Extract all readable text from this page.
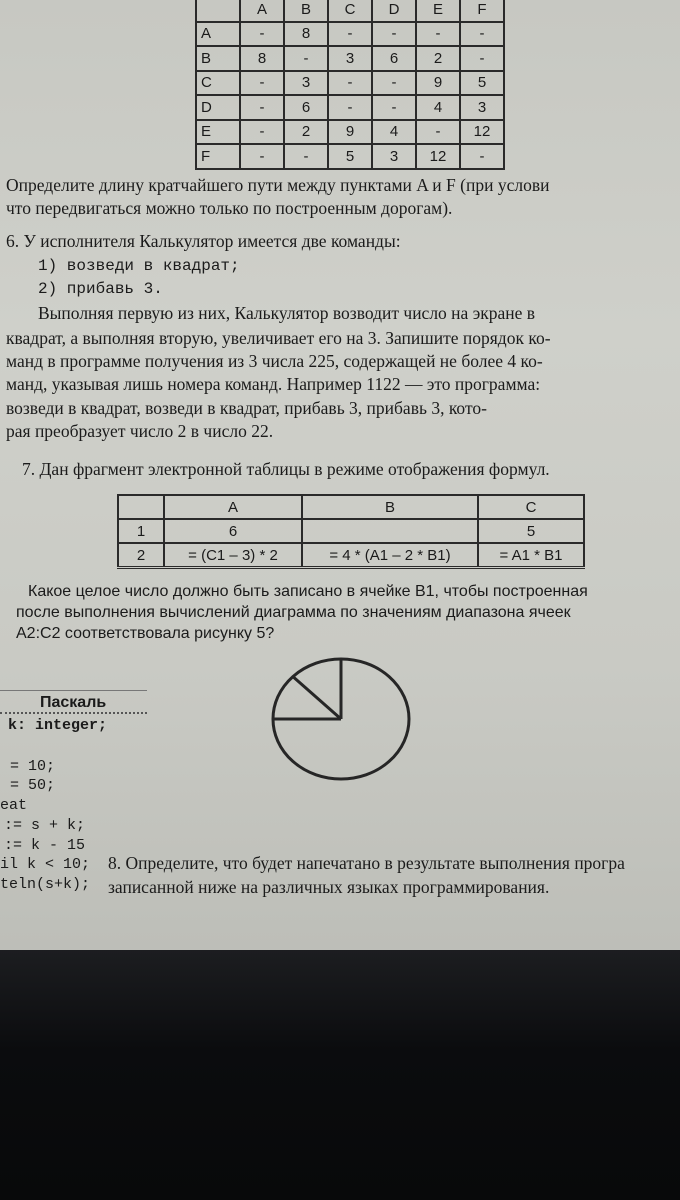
	A	B	C	D	E	F
A	-	8	-	-	-	-
B	8	-	3	6	2	-
C	-	3	-	-	9	5
D	-	6	-	-	4	3
E	-	2	9	4	-	12
F	-	-	5	3	12	-
Определите длину кратчайшего пути между пунктами A и F (при услови
что передвигаться можно только по построенным дорогам).
6. У исполнителя Калькулятор имеется две команды:
1) возведи в квадрат;
2) прибавь 3.
Выполняя первую из них, Калькулятор возводит число на экране в
квадрат, а выполняя вторую, увеличивает его на 3. Запишите порядок ко-
манд в программе получения из 3 числа 225, содержащей не более 4 ко-
манд, указывая лишь номера команд. Например 1122 — это программа:
возведи в квадрат, возведи в квадрат, прибавь 3, прибавь 3, кото-
рая преобразует число 2 в число 22.
7. Дан фрагмент электронной таблицы в режиме отображения формул.
	A	B	C
1	6		5
2	= (C1 – 3) * 2	= 4 * (A1 – 2 * B1)	= A1 * B1
Какое целое число должно быть записано в ячейке B1, чтобы построенная
после выполнения вычислений диаграмма по значениям диапазона ячеек
A2:C2 соответствовала рисунку 5?
Паскаль
k: integer;
= 10;
= 50;
eat
:= s + k;
:= k - 15
il k < 10;
teln(s+k);
8. Определите, что будет напечатано в результате выполнения програ
записанной ниже на различных языках программирования.
